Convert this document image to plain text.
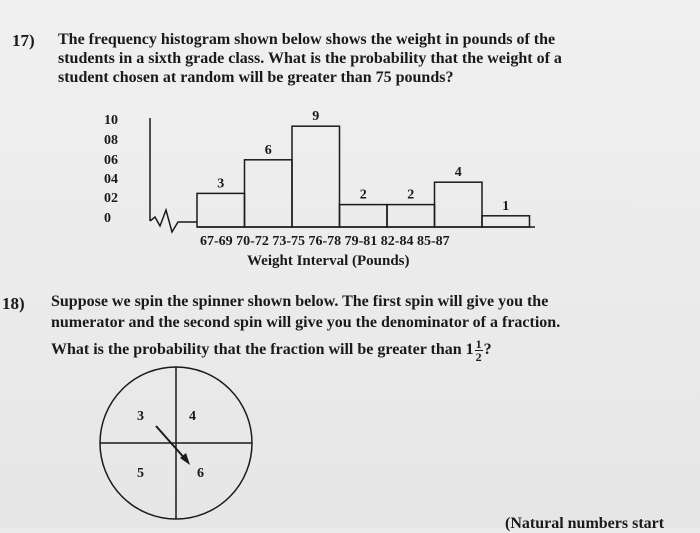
17) The frequency histogram shown below shows the weight in pounds of the
students in a sixth grade class. What is the probability that the weight of a
student chosen at random will be greater than 75 pounds?
10
08
06
04
02
0
3
6
9
2	2
4
1
67-69 70-72 73-75 76-78 79-81 82-84 85-87
Weight Interval (Pounds)
18) Suppose we spin the spinner shown below. The first spin will give you the
numerator and the second spin will give you the denominator of a fraction.
What is the probability that the fraction will be greater than $1 \frac{1}{2}$ ?
3	4
5	6
(Natural numbers start
